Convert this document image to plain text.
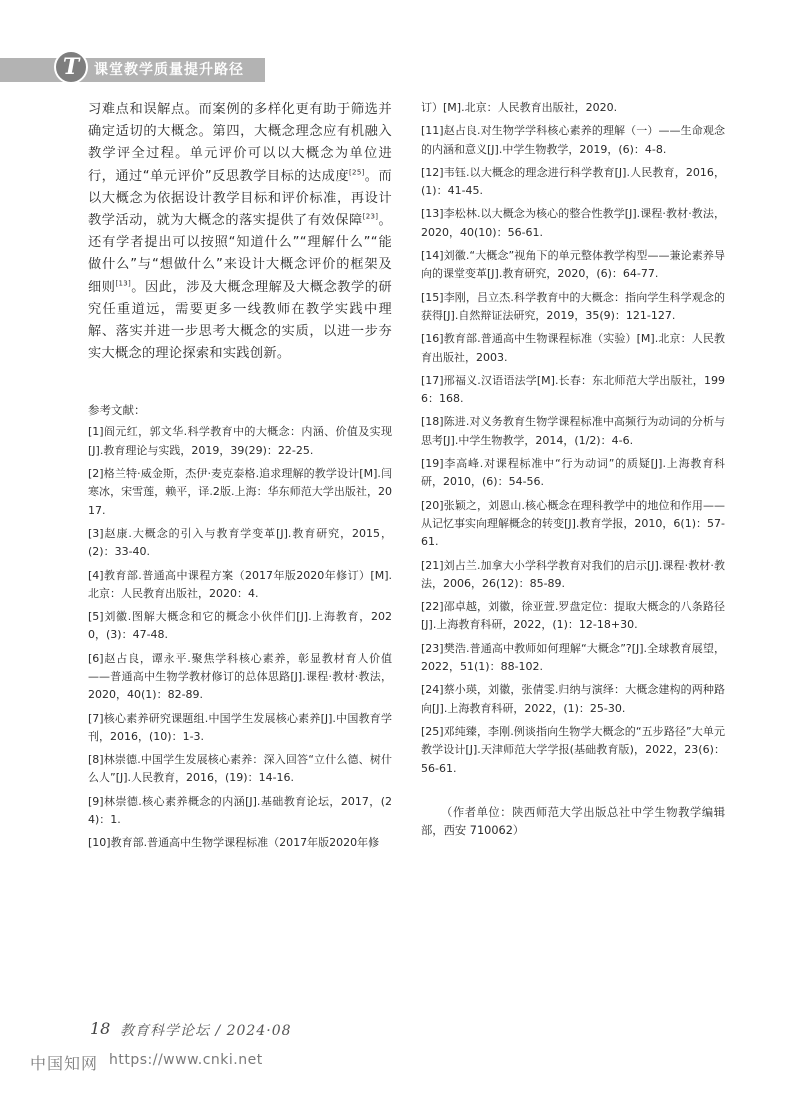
T	课堂教学质量提升路径

习难点和误解点。而案例的多样化更有助于筛选并确定适切的大概念。第四，大概念理念应有机融入教学评全过程。单元评价可以以大概念为单位进行，通过“单元评价”反思教学目标的达成度[25]。而以大概念为依据设计教学目标和评价标准，再设计教学活动，就为大概念的落实提供了有效保障[23]。还有学者提出可以按照“知道什么”“理解什么”“能做什么”与“想做什么”来设计大概念评价的框架及细则[13]。因此，涉及大概念理解及大概念教学的研究任重道远，需要更多一线教师在教学实践中理解、落实并进一步思考大概念的实质，以进一步夯实大概念的理论探索和实践创新。

参考文献：

[1]阎元红，郭文华.科学教育中的大概念：内涵、价值及实现[J].教育理论与实践，2019，39(29)：22-25.

[2]格兰特·威金斯，杰伊·麦克泰格.追求理解的教学设计[M].闫寒冰，宋雪莲，赖平，译.2版.上海：华东师范大学出版社，2017.

[3]赵康.大概念的引入与教育学变革[J].教育研究，2015，(2)：33-40.

[4]教育部.普通高中课程方案（2017年版2020年修订）[M].北京：人民教育出版社，2020：4.

[5]刘徽.图解大概念和它的概念小伙伴们[J].上海教育，2020，(3)：47-48.

[6]赵占良，谭永平.聚焦学科核心素养，彰显教材育人价值——普通高中生物学教材修订的总体思路[J].课程·教材·教法，2020，40(1)：82-89.

[7]核心素养研究课题组.中国学生发展核心素养[J].中国教育学刊，2016，(10)：1-3.

[8]林崇德.中国学生发展核心素养：深入回答“立什么德、树什么人”[J].人民教育，2016，(19)：14-16.

[9]林崇德.核心素养概念的内涵[J].基础教育论坛，2017，(24)：1.

[10]教育部.普通高中生物学课程标准（2017年版2020年修

订）[M].北京：人民教育出版社，2020.

[11]赵占良.对生物学学科核心素养的理解（一）——生命观念的内涵和意义[J].中学生物教学，2019，(6)：4-8.

[12]韦钰.以大概念的理念进行科学教育[J].人民教育，2016，(1)：41-45.

[13]李松林.以大概念为核心的整合性教学[J].课程·教材·教法，2020，40(10)：56-61.

[14]刘徽.“大概念”视角下的单元整体教学构型——兼论素养导向的课堂变革[J].教育研究，2020，(6)：64-77.

[15]李刚，吕立杰.科学教育中的大概念：指向学生科学观念的获得[J].自然辩证法研究，2019，35(9)：121-127.

[16]教育部.普通高中生物课程标准（实验）[M].北京：人民教育出版社，2003.

[17]邢福义.汉语语法学[M].长春：东北师范大学出版社，1996：168.

[18]陈进.对义务教育生物学课程标准中高频行为动词的分析与思考[J].中学生物教学，2014，(1/2)：4-6.

[19]李高峰.对课程标准中“行为动词”的质疑[J].上海教育科研，2010，(6)：54-56.

[20]张颖之，刘恩山.核心概念在理科教学中的地位和作用——从记忆事实向理解概念的转变[J].教育学报，2010，6(1)：57-61.

[21]刘占兰.加拿大小学科学教育对我们的启示[J].课程·教材·教法，2006，26(12)：85-89.

[22]邵卓越，刘徽，徐亚萱.罗盘定位：提取大概念的八条路径[J].上海教育科研，2022，(1)：12-18+30.

[23]樊浩.普通高中教师如何理解“大概念”?[J].全球教育展望，2022，51(1)：88-102.

[24]蔡小瑛，刘徽，张倩雯.归纳与演绎：大概念建构的两种路向[J].上海教育科研，2022，(1)：25-30.

[25]邓纯臻，李刚.例谈指向生物学大概念的“五步路径”大单元教学设计[J].天津师范大学学报(基础教育版)，2022，23(6)：56-61.

（作者单位：陕西师范大学出版总社中学生物教学编辑部，西安 710062）

18 教育科学论坛 / 2024·08
中国知网 https://www.cnki.net
